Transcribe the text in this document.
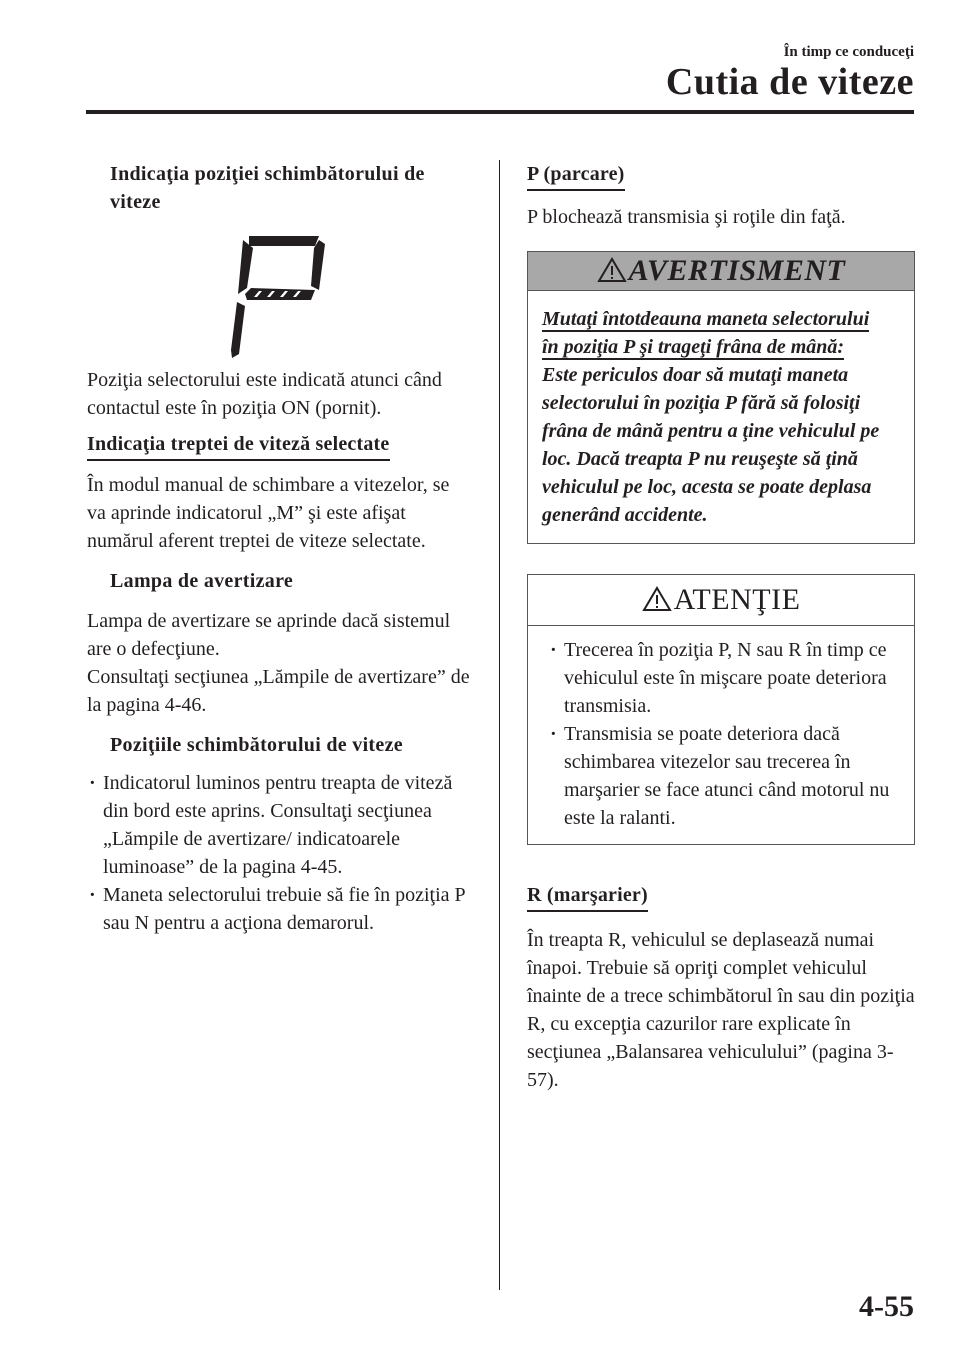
În timp ce conduceţi
Cutia de viteze
Indicaţia poziţiei schimbătorului de viteze

Poziţia selectorului este indicată atunci când contactul este în poziţia ON (pornit).

Indicaţia treptei de viteză selectate

În modul manual de schimbare a vitezelor, se va aprinde indicatorul „M” şi este afişat numărul aferent treptei de viteze selectate.

Lampa de avertizare

Lampa de avertizare se aprinde dacă sistemul are o defecţiune.

Consultaţi secţiunea „Lămpile de avertizare” de la pagina 4-46.

Poziţiile schimbătorului de viteze
· Indicatorul luminos pentru treapta de viteză din bord este aprins. Consultaţi secţiunea „Lămpile de avertizare/ indicatoarele luminoase” de la pagina 4-45.
· Maneta selectorului trebuie să fie în poziţia P sau N pentru a acţiona demarorul.
P (parcare)

P blochează transmisia şi roţile din faţă.

AVERTISMENT
Mutaţi întotdeauna maneta selectorului în poziţia P şi trageţi frâna de mână:
Este periculos doar să mutaţi maneta selectorului în poziţia P fără să folosiţi frâna de mână pentru a ţine vehiculul pe loc. Dacă treapta P nu reuşeşte să ţină vehiculul pe loc, acesta se poate deplasa generând accidente.
ATENŢIE
· Trecerea în poziţia P, N sau R în timp ce vehiculul este în mişcare poate deteriora transmisia.
· Transmisia se poate deteriora dacă schimbarea vitezelor sau trecerea în marşarier se face atunci când motorul nu este la ralanti.
R (marşarier)

În treapta R, vehiculul se deplasează numai înapoi. Trebuie să opriţi complet vehiculul înainte de a trece schimbătorul în sau din poziţia R, cu excepţia cazurilor rare explicate în secţiunea „Balansarea vehiculului” (pagina 3-57).

4-55
